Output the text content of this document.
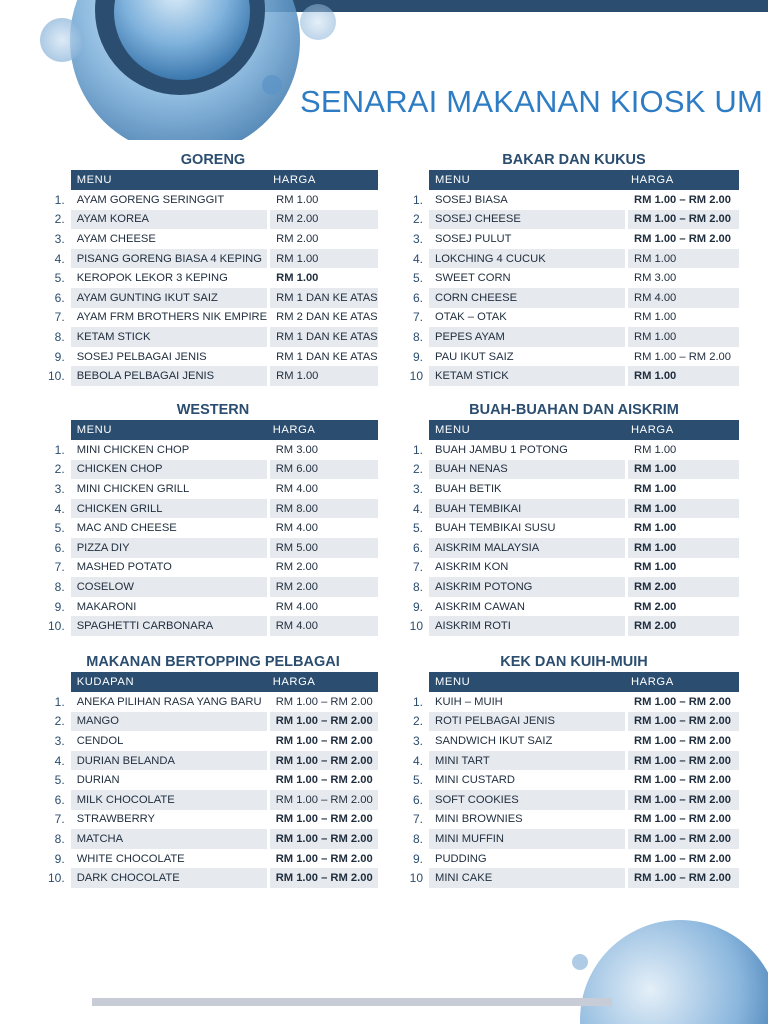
SENARAI MAKANAN KIOSK UM
GORENG
	MENU	HARGA
1.	AYAM GORENG SERINGGIT	RM 1.00
2.	AYAM KOREA	RM 2.00
3.	AYAM CHEESE	RM 2.00
4.	PISANG GORENG BIASA 4 KEPING	RM 1.00
5.	KEROPOK LEKOR 3 KEPING	RM 1.00
6.	AYAM GUNTING IKUT SAIZ	RM 1 DAN KE ATAS
7.	AYAM FRM BROTHERS NIK EMPIRE	RM 2 DAN KE ATAS
8.	KETAM STICK	RM 1 DAN KE ATAS
9.	SOSEJ PELBAGAI JENIS	RM 1 DAN KE ATAS
10.	BEBOLA PELBAGAI JENIS	RM 1.00
BAKAR DAN KUKUS
	MENU	HARGA
1.	SOSEJ BIASA	RM 1.00 – RM 2.00
2.	SOSEJ CHEESE	RM 1.00 – RM 2.00
3.	SOSEJ PULUT	RM 1.00 – RM 2.00
4.	LOKCHING 4 CUCUK	RM 1.00
5.	SWEET CORN	RM 3.00
6.	CORN CHEESE	RM 4.00
7.	OTAK – OTAK	RM 1.00
8.	PEPES AYAM	RM 1.00
9.	PAU IKUT SAIZ	RM 1.00 – RM 2.00
10	KETAM STICK	RM 1.00
WESTERN
	MENU	HARGA
1.	MINI CHICKEN CHOP	RM 3.00
2.	CHICKEN CHOP	RM 6.00
3.	MINI CHICKEN GRILL	RM 4.00
4.	CHICKEN GRILL	RM 8.00
5.	MAC AND CHEESE	RM 4.00
6.	PIZZA DIY	RM 5.00
7.	MASHED POTATO	RM 2.00
8.	COSELOW	RM 2.00
9.	MAKARONI	RM 4.00
10.	SPAGHETTI CARBONARA	RM 4.00
BUAH-BUAHAN DAN AISKRIM
	MENU	HARGA
1.	BUAH JAMBU 1 POTONG	RM 1.00
2.	BUAH NENAS	RM 1.00
3.	BUAH BETIK	RM 1.00
4.	BUAH TEMBIKAI	RM 1.00
5.	BUAH TEMBIKAI SUSU	RM 1.00
6.	AISKRIM MALAYSIA	RM 1.00
7.	AISKRIM KON	RM 1.00
8.	AISKRIM POTONG	RM 2.00
9.	AISKRIM CAWAN	RM 2.00
10	AISKRIM ROTI	RM 2.00
MAKANAN BERTOPPING PELBAGAI
	KUDAPAN	HARGA
1.	ANEKA PILIHAN RASA YANG BARU	RM 1.00 – RM 2.00
2.	MANGO	RM 1.00 – RM 2.00
3.	CENDOL	RM 1.00 – RM 2.00
4.	DURIAN BELANDA	RM 1.00 – RM 2.00
5.	DURIAN	RM 1.00 – RM 2.00
6.	MILK CHOCOLATE	RM 1.00 – RM 2.00
7.	STRAWBERRY	RM 1.00 – RM 2.00
8.	MATCHA	RM 1.00 – RM 2.00
9.	WHITE CHOCOLATE	RM 1.00 – RM 2.00
10.	DARK CHOCOLATE	RM 1.00 – RM 2.00
KEK DAN KUIH-MUIH
	MENU	HARGA
1.	KUIH – MUIH	RM 1.00 – RM 2.00
2.	ROTI PELBAGAI JENIS	RM 1.00 – RM 2.00
3.	SANDWICH IKUT SAIZ	RM 1.00 – RM 2.00
4.	MINI TART	RM 1.00 – RM 2.00
5.	MINI CUSTARD	RM 1.00 – RM 2.00
6.	SOFT COOKIES	RM 1.00 – RM 2.00
7.	MINI BROWNIES	RM 1.00 – RM 2.00
8.	MINI MUFFIN	RM 1.00 – RM 2.00
9.	PUDDING	RM 1.00 – RM 2.00
10	MINI CAKE	RM 1.00 – RM 2.00
